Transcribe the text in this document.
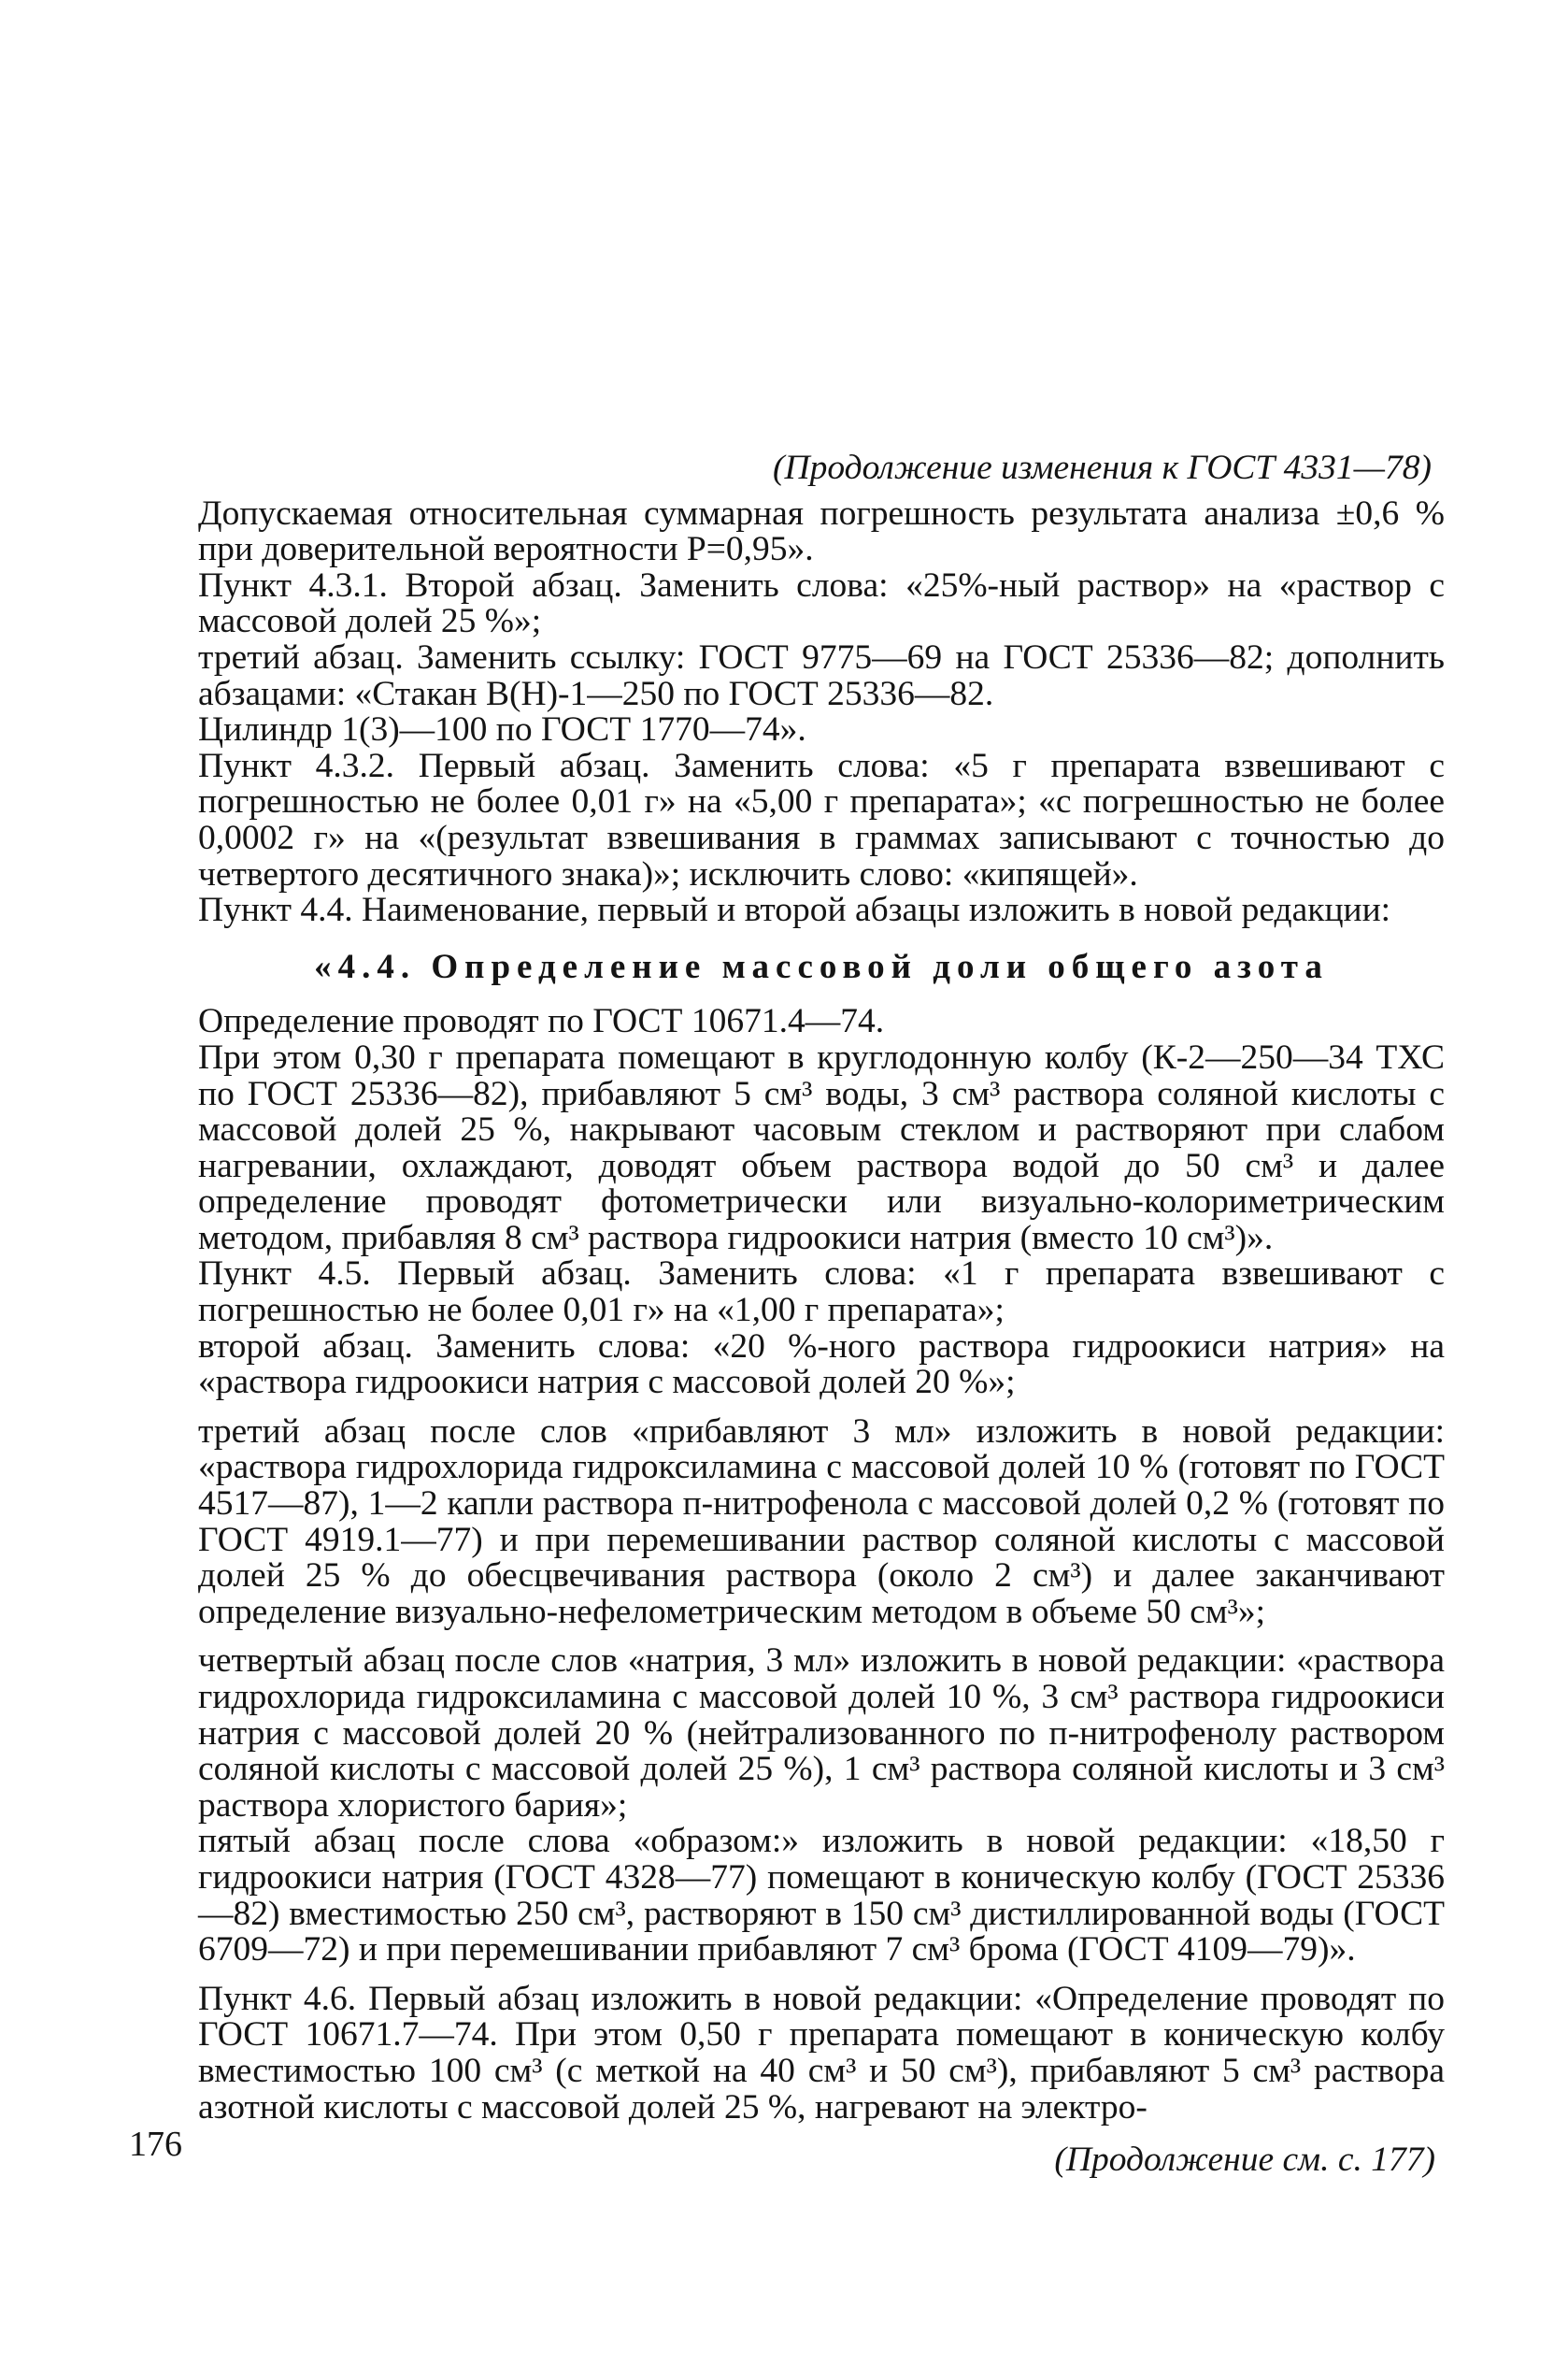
(Продолжение изменения к ГОСТ 4331—78)

Допускаемая относительная суммарная погрешность результата анализа ±0,6 % при доверительной вероятности Р=0,95».

Пункт 4.3.1. Второй абзац. Заменить слова: «25%-ный раствор» на «раствор с массовой долей 25 %»;

третий абзац. Заменить ссылку: ГОСТ 9775—69 на ГОСТ 25336—82; дополнить абзацами: «Стакан В(Н)-1—250 по ГОСТ 25336—82.

Цилиндр 1(3)—100 по ГОСТ 1770—74».

Пункт 4.3.2. Первый абзац. Заменить слова: «5 г препарата взвешивают с погрешностью не более 0,01 г» на «5,00 г препарата»; «с погрешностью не более 0,0002 г» на «(результат взвешивания в граммах записывают с точностью до четвертого десятичного знака)»; исключить слово: «кипящей».

Пункт 4.4. Наименование, первый и второй абзацы изложить в новой редакции:

«4.4. Определение массовой доли общего азота

Определение проводят по ГОСТ 10671.4—74.

При этом 0,30 г препарата помещают в круглодонную колбу (К-2—250—34 ТХС по ГОСТ 25336—82), прибавляют 5 см³ воды, 3 см³ раствора соляной кислоты с массовой долей 25 %, накрывают часовым стеклом и растворяют при слабом нагревании, охлаждают, доводят объем раствора водой до 50 см³ и далее определение проводят фотометрически или визуально-колориметрическим методом, прибавляя 8 см³ раствора гидроокиси натрия (вместо 10 см³)».

Пункт 4.5. Первый абзац. Заменить слова: «1 г препарата взвешивают с погрешностью не более 0,01 г» на «1,00 г препарата»;

второй абзац. Заменить слова: «20 %-ного раствора гидроокиси натрия» на «раствора гидроокиси натрия с массовой долей 20 %»;

третий абзац после слов «прибавляют 3 мл» изложить в новой редакции: «раствора гидрохлорида гидроксиламина с массовой долей 10 % (готовят по ГОСТ 4517—87), 1—2 капли раствора п-нитрофенола с массовой долей 0,2 % (готовят по ГОСТ 4919.1—77) и при перемешивании раствор соляной кислоты с массовой долей 25 % до обесцвечивания раствора (около 2 см³) и далее заканчивают определение визуально-нефелометрическим методом в объеме 50 см³»;

четвертый абзац после слов «натрия, 3 мл» изложить в новой редакции: «раствора гидрохлорида гидроксиламина с массовой долей 10 %, 3 см³ раствора гидроокиси натрия с массовой долей 20 % (нейтрализованного по п-нитрофенолу раствором соляной кислоты с массовой долей 25 %), 1 см³ раствора соляной кислоты и 3 см³ раствора хлористого бария»;

пятый абзац после слова «образом:» изложить в новой редакции: «18,50 г гидроокиси натрия (ГОСТ 4328—77) помещают в коническую колбу (ГОСТ 25336—82) вместимостью 250 см³, растворяют в 150 см³ дистиллированной воды (ГОСТ 6709—72) и при перемешивании прибавляют 7 см³ брома (ГОСТ 4109—79)».

Пункт 4.6. Первый абзац изложить в новой редакции: «Определение проводят по ГОСТ 10671.7—74. При этом 0,50 г препарата помещают в коническую колбу вместимостью 100 см³ (с меткой на 40 см³ и 50 см³), прибавляют 5 см³ раствора азотной кислоты с массовой долей 25 %, нагревают на электро-

(Продолжение см. с. 177)
176
